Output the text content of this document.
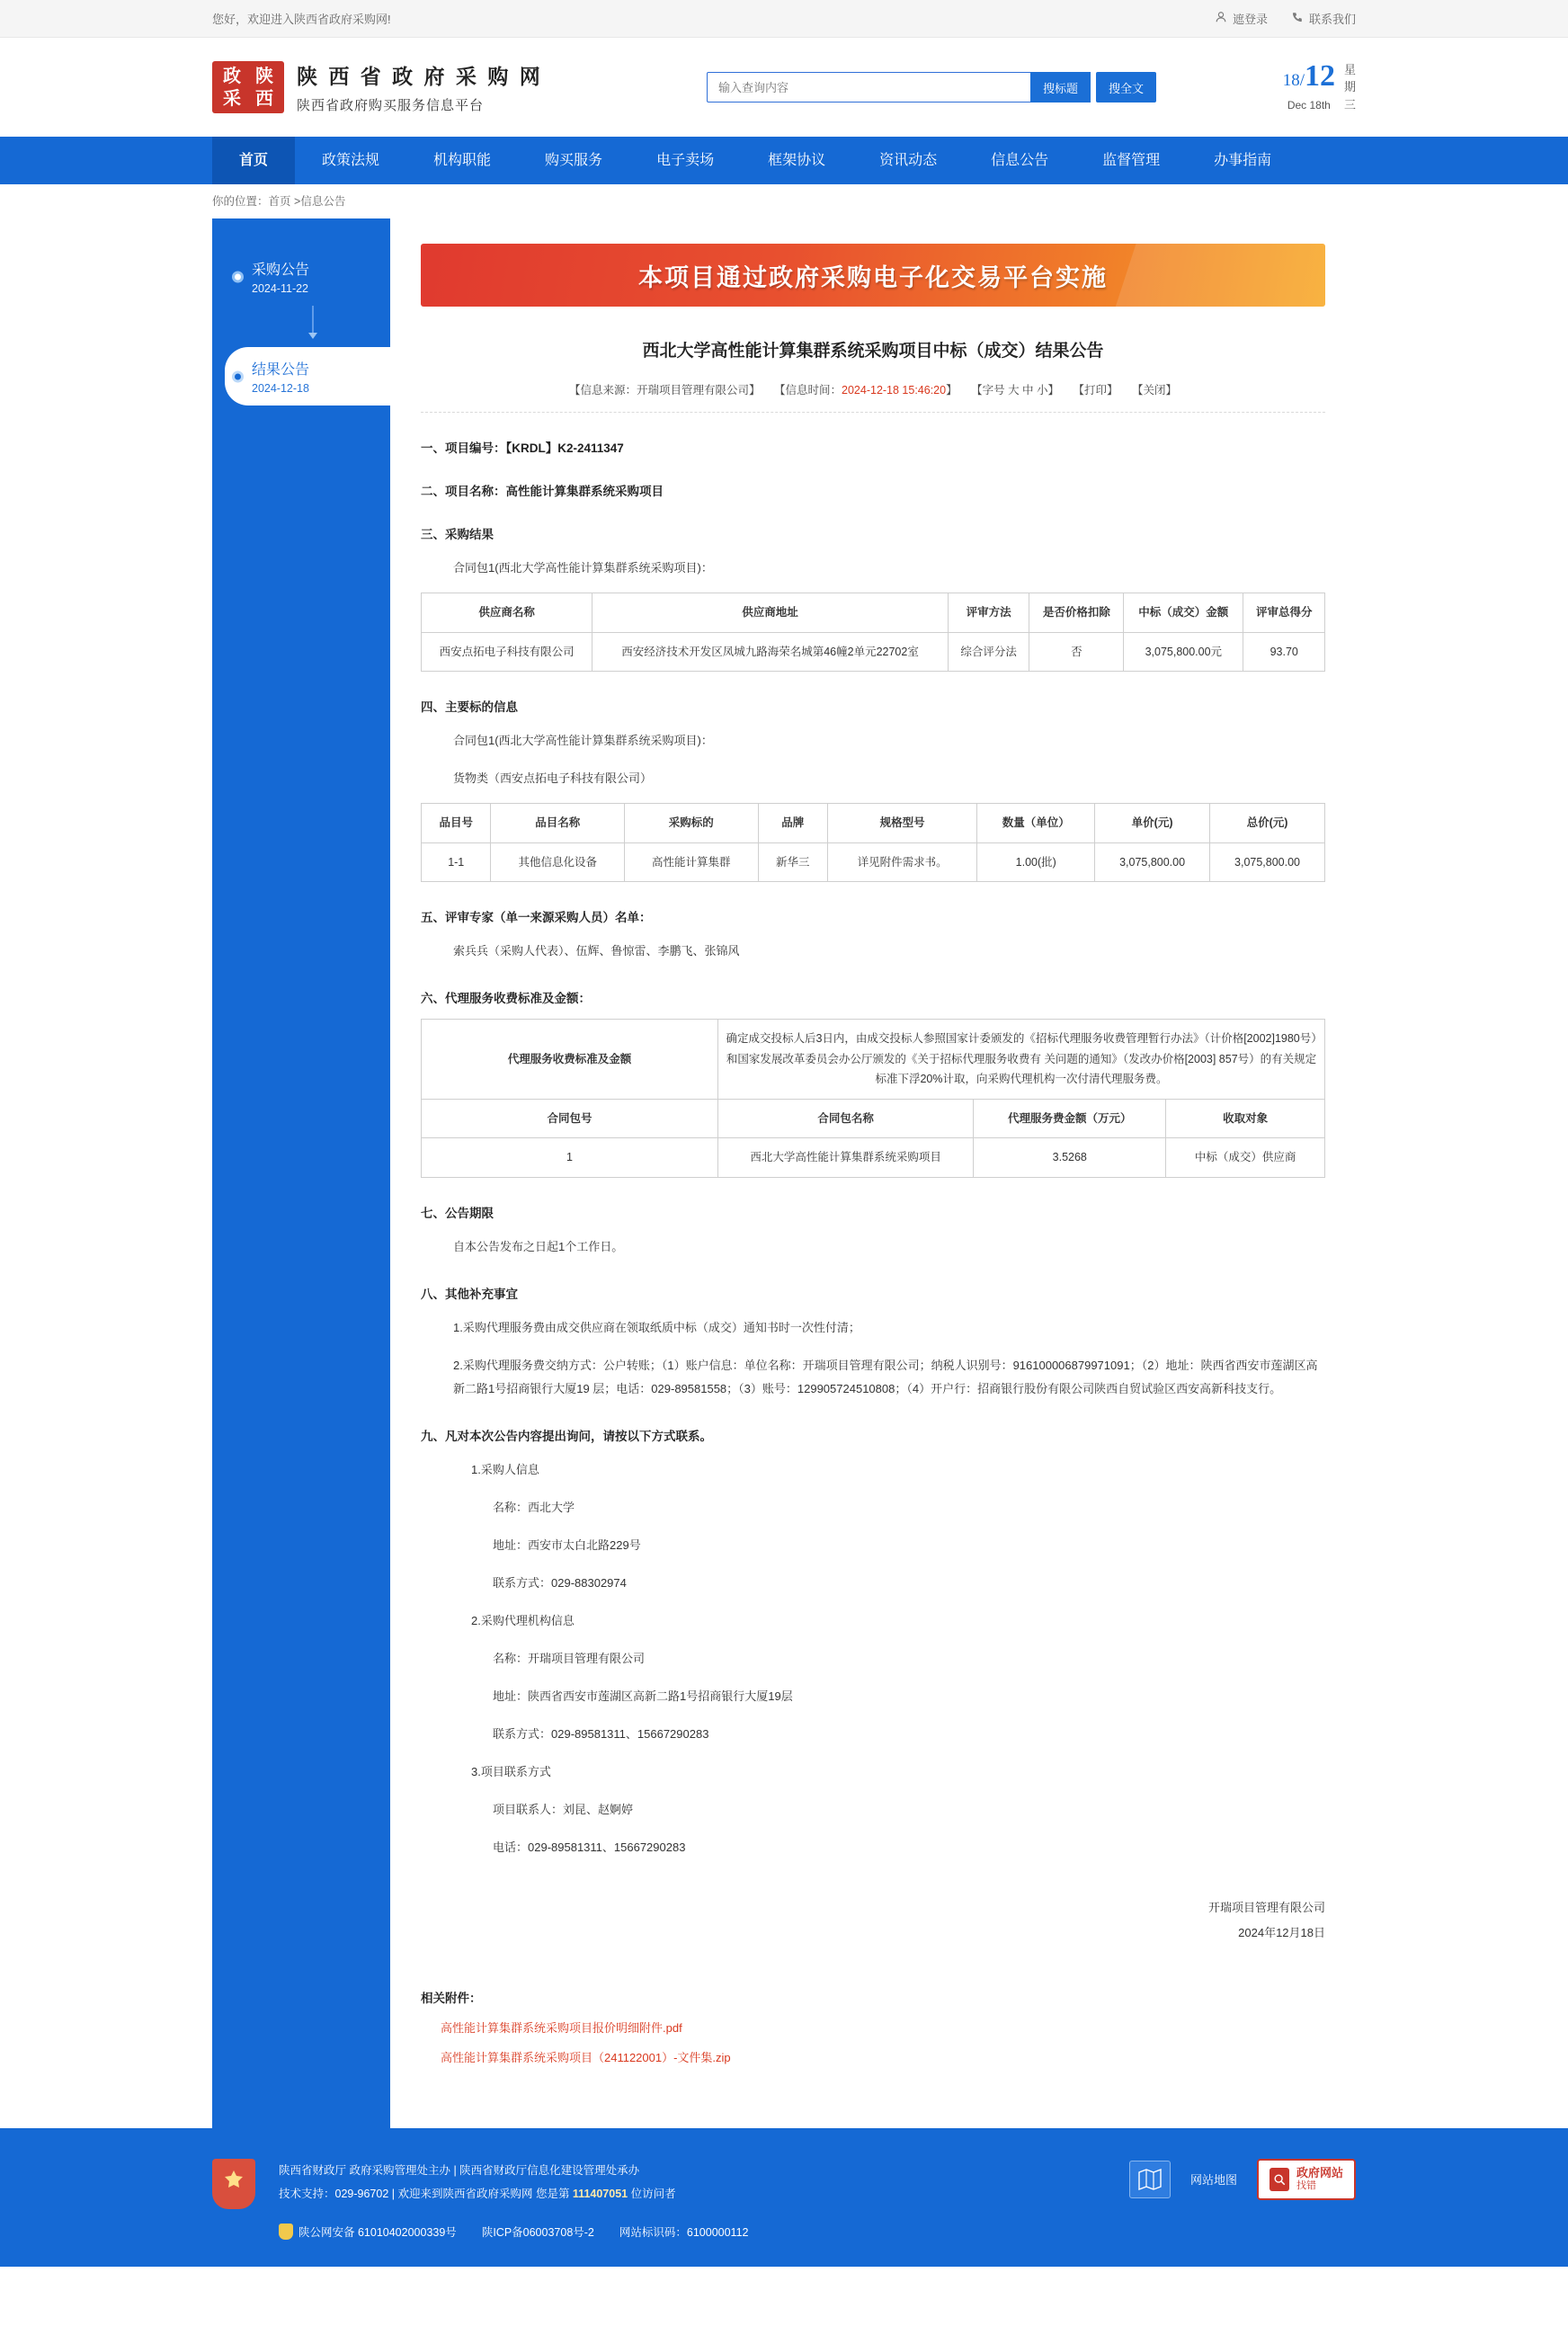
您好，欢迎进入陕西省政府采购网!	遮登录	联系我们
政 陕
采 西
陕 西 省 政 府 采 购 网
陕西省政府购买服务信息平台
输入查询内容
搜标题	搜全文	18/12
Dec 18th
星
期
三
首页	政策法规	机构职能	购买服务	电子卖场	框架协议	资讯动态	信息公告	监督管理	办事指南
你的位置：首页 >信息公告
采购公告
2024-11-22
结果公告
2024-12-18
本项目通过政府采购电子化交易平台实施
西北大学高性能计算集群系统采购项目中标（成交）结果公告
【信息来源：开瑞项目管理有限公司】 【信息时间：2024-12-18 15:46:20】 【字号 大 中 小】 【打印】 【关闭】
一、项目编号：【KRDL】K2-2411347
二、项目名称：高性能计算集群系统采购项目
三、采购结果
合同包1(西北大学高性能计算集群系统采购项目)：
供应商名称	供应商地址	评审方法	是否价格扣除	中标（成交）金额	评审总得分
西安点拓电子科技有限公司	西安经济技术开发区凤城九路海荣名城第46幢2单元22702室	综合评分法	否	3,075,800.00元	93.70
四、主要标的信息
合同包1(西北大学高性能计算集群系统采购项目)：
货物类（西安点拓电子科技有限公司）
品目号	品目名称	采购标的	品牌	规格型号	数量（单位）	单价(元)	总价(元)
1-1	其他信息化设备	高性能计算集群	新华三	详见附件需求书。	1.00(批)	3,075,800.00	3,075,800.00
五、评审专家（单一来源采购人员）名单：
索兵兵（采购人代表）、伍辉、鲁惊雷、李鹏飞、张锦风
六、代理服务收费标准及金额：
代理服务收费标准及金额	确定成交投标人后3日内，由成交投标人参照国家计委颁发的《招标代理服务收费管理暂行办法》（计价格[2002]1980号）和国家发展改革委员会办公厅颁发的《关于招标代理服务收费有 关问题的通知》（发改办价格[2003] 857号）的有关规定标准下浮20%计取，向采购代理机构一次付清代理服务费。		
合同包号	合同包名称	代理服务费金额（万元）	收取对象
1	西北大学高性能计算集群系统采购项目	3.5268	中标（成交）供应商
七、公告期限
自本公告发布之日起1个工作日。
八、其他补充事宜
1.采购代理服务费由成交供应商在领取纸质中标（成交）通知书时一次性付清；
2.采购代理服务费交纳方式：公户转账；（1）账户信息：单位名称：开瑞项目管理有限公司；纳税人识别号：916100006879971091；（2）地址：陕西省西安市莲湖区高新二路1号招商银行大厦19 层；电话：029-89581558；（3）账号：129905724510808；（4）开户行：招商银行股份有限公司陕西自贸试验区西安高新科技支行。
九、凡对本次公告内容提出询问，请按以下方式联系。
1.采购人信息
名称：西北大学
地址：西安市太白北路229号
联系方式：029-88302974
2.采购代理机构信息
名称：开瑞项目管理有限公司
地址：陕西省西安市莲湖区高新二路1号招商银行大厦19层
联系方式：029-89581311、15667290283
3.项目联系方式
项目联系人：刘昆、赵婀婷
电话：029-89581311、15667290283
开瑞项目管理有限公司
2024年12月18日
相关附件：
高性能计算集群系统采购项目报价明细附件.pdf
高性能计算集群系统采购项目（241122001）-文件集.zip
陕西省财政厅 政府采购管理处主办 | 陕西省财政厅信息化建设管理处承办
技术支持：029-96702 | 欢迎来到陕西省政府采购网 您是第 111407051 位访问者
网站地图
政府网站
找错
陕公网安备 61010402000339号 陕ICP备06003708号-2 网站标识码：6100000112
